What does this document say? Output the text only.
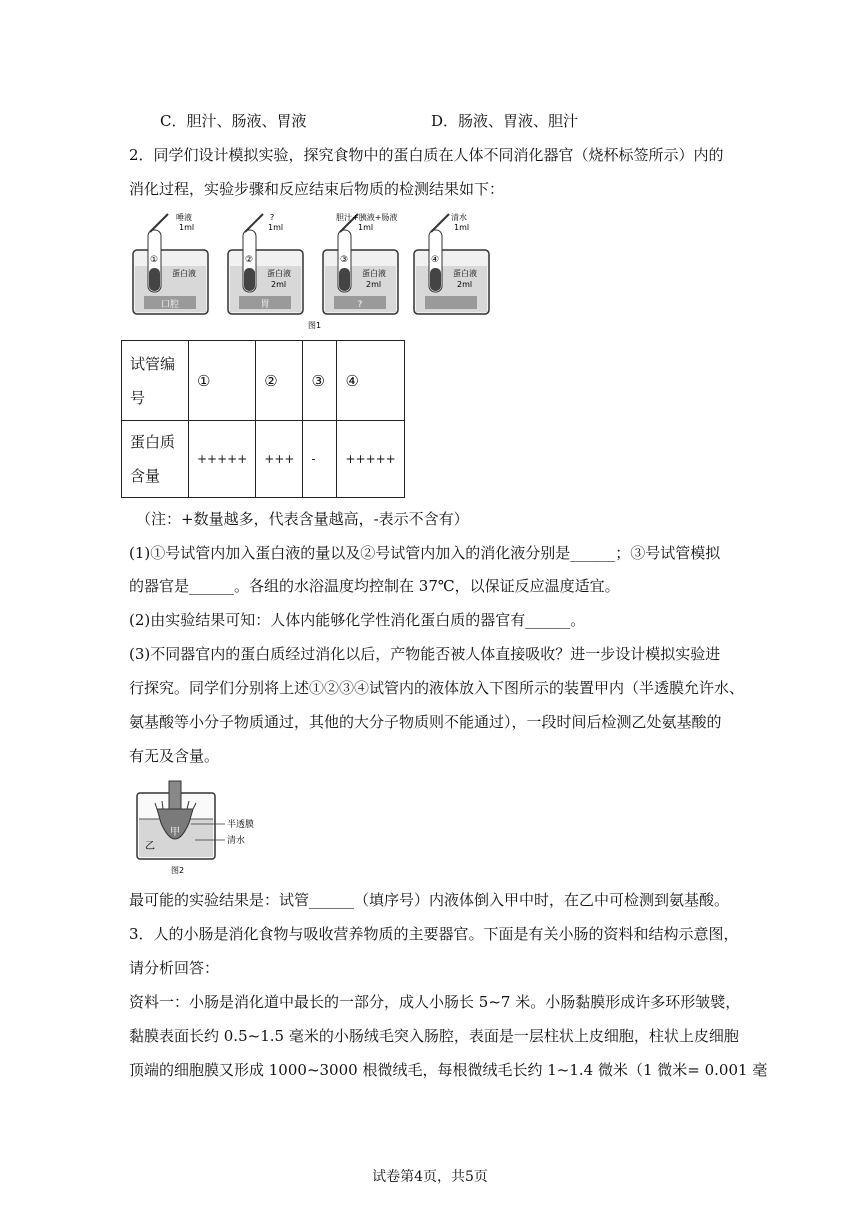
C．胆汁、肠液、胃液	D．肠液、胃液、胆汁
2．同学们设计模拟实验，探究食物中的蛋白质在人体不同消化器官（烧杯标签所示）内的
消化过程，实验步骤和反应结束后物质的检测结果如下：
口腔
①
唾液
1ml
蛋白液
胃
②
?
1ml
蛋白液
2ml
?
③
胆汁+胰液+肠液
1ml
蛋白液
2ml
④
清水
1ml
蛋白液
2ml
图1
试管编
号	①	②	③	④
蛋白质
含量	+++++	+++	-	+++++
（注：+数量越多，代表含量越高，-表示不含有）
(1)①号试管内加入蛋白液的量以及②号试管内加入的消化液分别是______；③号试管模拟
的器官是______。各组的水浴温度均控制在 37℃，以保证反应温度适宜。
(2)由实验结果可知：人体内能够化学性消化蛋白质的器官有______。
(3)不同器官内的蛋白质经过消化以后，产物能否被人体直接吸收？进一步设计模拟实验进
行探究。同学们分别将上述①②③④试管内的液体放入下图所示的装置甲内（半透膜允许水、
氨基酸等小分子物质通过，其他的大分子物质则不能通过），一段时间后检测乙处氨基酸的
有无及含量。
甲
乙
半透膜
清水
图2
最可能的实验结果是：试管______（填序号）内液体倒入甲中时，在乙中可检测到氨基酸。
3．人的小肠是消化食物与吸收营养物质的主要器官。下面是有关小肠的资料和结构示意图，
请分析回答：
资料一：小肠是消化道中最长的一部分，成人小肠长 5~7 米。小肠黏膜形成许多环形皱襞，
黏膜表面长约 0.5~1.5 毫米的小肠绒毛突入肠腔，表面是一层柱状上皮细胞，柱状上皮细胞
顶端的细胞膜又形成 1000~3000 根微绒毛，每根微绒毛长约 1~1.4 微米（1 微米= 0.001 毫
试卷第4页，共5页
